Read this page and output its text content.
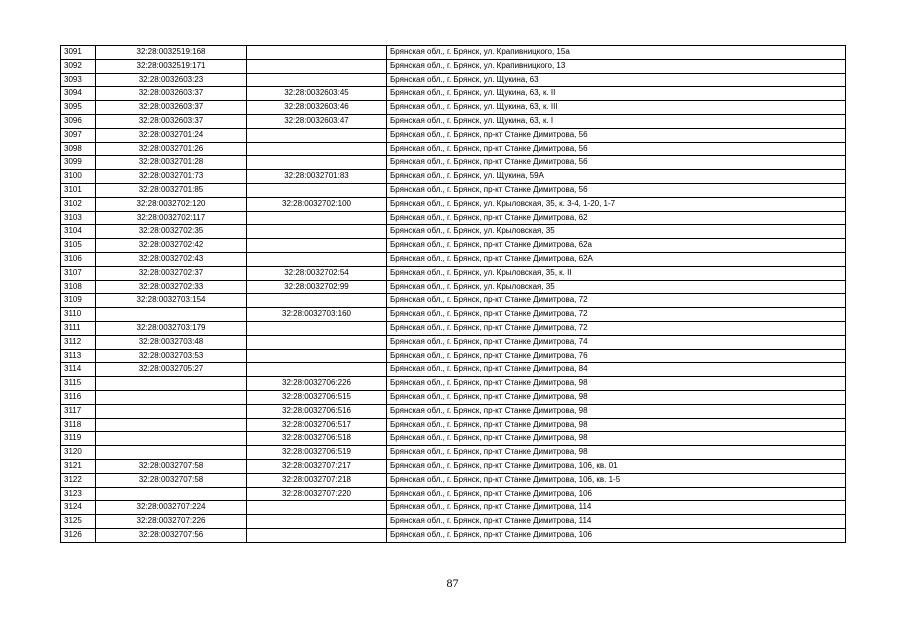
3091	32:28:0032519:168		Брянская обл., г. Брянск, ул. Крапивницкого, 15а
3092	32:28:0032519:171		Брянская обл., г. Брянск, ул. Крапивницкого, 13
3093	32:28:0032603:23		Брянская обл., г. Брянск, ул. Щукина, 63
3094	32:28:0032603:37	32:28:0032603:45	Брянская обл., г. Брянск, ул. Щукина, 63, к. II
3095	32:28:0032603:37	32:28:0032603:46	Брянская обл., г. Брянск, ул. Щукина, 63, к. III
3096	32:28:0032603:37	32:28:0032603:47	Брянская обл., г. Брянск, ул. Щукина, 63, к. I
3097	32:28:0032701:24		Брянская обл., г. Брянск, пр-кт Станке Димитрова, 56
3098	32:28:0032701:26		Брянская обл., г. Брянск, пр-кт Станке Димитрова, 56
3099	32:28:0032701:28		Брянская обл., г. Брянск, пр-кт Станке Димитрова, 56
3100	32:28:0032701:73	32:28:0032701:83	Брянская обл., г. Брянск, ул. Щукина, 59А
3101	32:28:0032701:85		Брянская обл., г. Брянск, пр-кт Станке Димитрова, 56
3102	32:28:0032702:120	32:28:0032702:100	Брянская обл., г. Брянск, ул. Крыловская, 35, к. 3-4, 1-20, 1-7
3103	32:28:0032702:117		Брянская обл., г. Брянск, пр-кт Станке Димитрова, 62
3104	32:28:0032702:35		Брянская обл., г. Брянск, ул. Крыловская, 35
3105	32:28:0032702:42		Брянская обл., г. Брянск, пр-кт Станке Димитрова, 62а
3106	32:28:0032702:43		Брянская обл., г. Брянск, пр-кт Станке Димитрова, 62А
3107	32:28:0032702:37	32:28:0032702:54	Брянская обл., г. Брянск, ул. Крыловская, 35, к. II
3108	32:28:0032702:33	32:28:0032702:99	Брянская обл., г. Брянск, ул. Крыловская, 35
3109	32:28:0032703:154		Брянская обл., г. Брянск, пр-кт Станке Димитрова, 72
3110		32:28:0032703:160	Брянская обл., г. Брянск, пр-кт Станке Димитрова, 72
3111	32:28:0032703:179		Брянская обл., г. Брянск, пр-кт Станке Димитрова, 72
3112	32:28:0032703:48		Брянская обл., г. Брянск, пр-кт Станке Димитрова, 74
3113	32:28:0032703:53		Брянская обл., г. Брянск, пр-кт Станке Димитрова, 76
3114	32:28:0032705:27		Брянская обл., г. Брянск, пр-кт Станке Димитрова, 84
3115		32:28:0032706:226	Брянская обл., г. Брянск, пр-кт Станке Димитрова, 98
3116		32:28:0032706:515	Брянская обл., г. Брянск, пр-кт Станке Димитрова, 98
3117		32:28:0032706:516	Брянская обл., г. Брянск, пр-кт Станке Димитрова, 98
3118		32:28:0032706:517	Брянская обл., г. Брянск, пр-кт Станке Димитрова, 98
3119		32:28:0032706:518	Брянская обл., г. Брянск, пр-кт Станке Димитрова, 98
3120		32:28:0032706:519	Брянская обл., г. Брянск, пр-кт Станке Димитрова, 98
3121	32:28:0032707:58	32:28:0032707:217	Брянская обл., г. Брянск, пр-кт Станке Димитрова, 106, кв. 01
3122	32:28:0032707:58	32:28:0032707:218	Брянская обл., г. Брянск, пр-кт Станке Димитрова, 106, кв. 1-5
3123		32:28:0032707:220	Брянская обл., г. Брянск, пр-кт Станке Димитрова, 106
3124	32:28:0032707:224		Брянская обл., г. Брянск, пр-кт Станке Димитрова, 114
3125	32:28:0032707:226		Брянская обл., г. Брянск, пр-кт Станке Димитрова, 114
3126	32:28:0032707:56		Брянская обл., г. Брянск, пр-кт Станке Димитрова, 106
87
